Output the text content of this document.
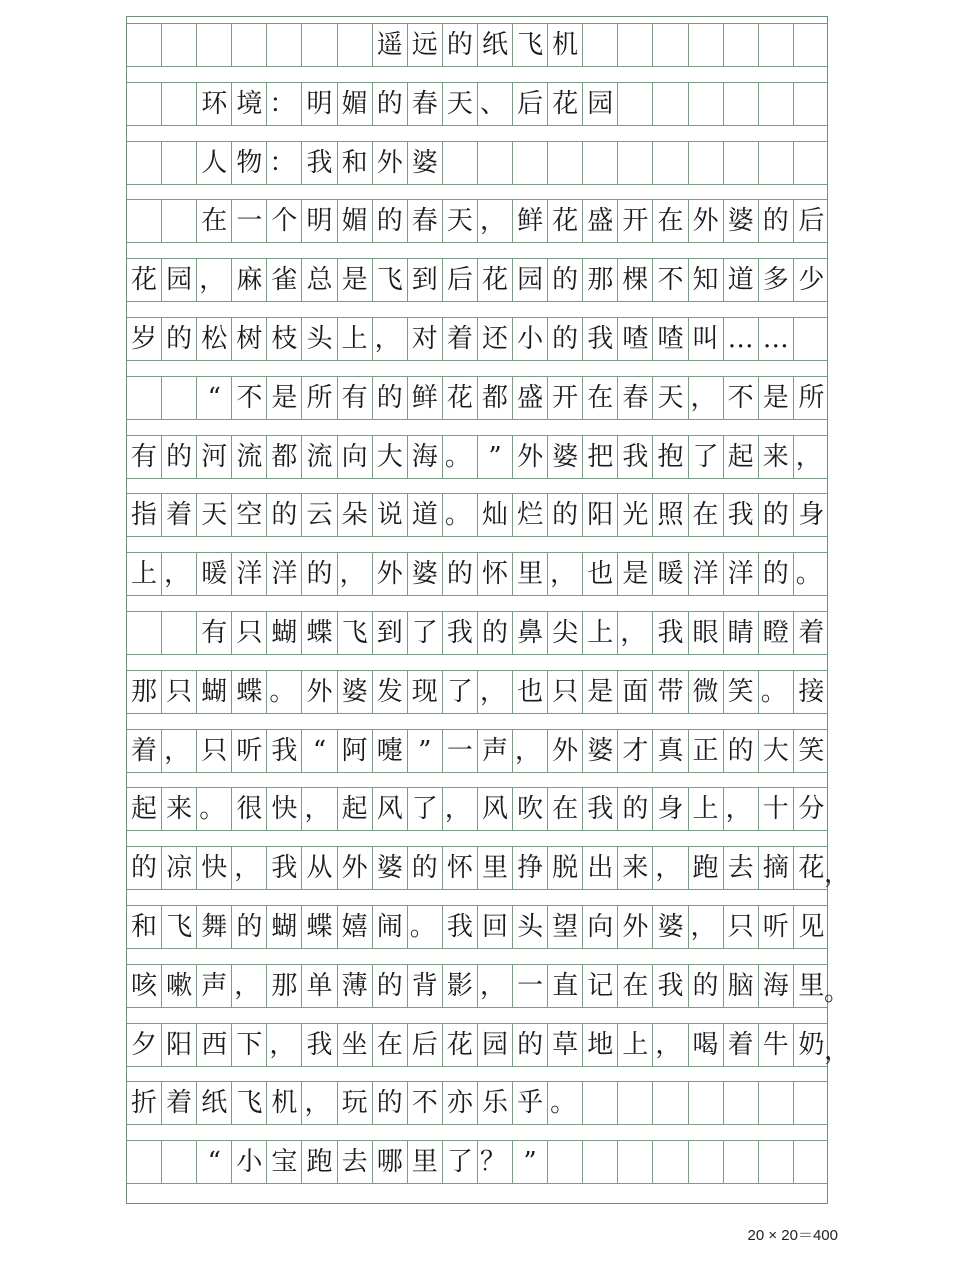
遥 远 的 纸 飞 机
环 境 ： 明 媚 的 春 天 、 后 花 园
人 物 ： 我 和 外 婆
在 一 个 明 媚 的 春 天 ， 鲜 花 盛 开 在 外 婆 的 后
花 园 ， 麻 雀 总 是 飞 到 后 花 园 的 那 棵 不 知 道 多 少
岁 的 松 树 枝 头 上 ， 对 着 还 小 的 我 喳 喳 叫 … …
“ 不 是 所 有 的 鲜 花 都 盛 开 在 春 天 ， 不 是 所
有 的 河 流 都 流 向 大 海 。 ” 外 婆 把 我 抱 了 起 来 ，
指 着 天 空 的 云 朵 说 道 。 灿 烂 的 阳 光 照 在 我 的 身
上 ， 暖 洋 洋 的 ， 外 婆 的 怀 里 ， 也 是 暖 洋 洋 的 。
有 只 蝴 蝶 飞 到 了 我 的 鼻 尖 上 ， 我 眼 睛 瞪 着
那 只 蝴 蝶 。 外 婆 发 现 了 ， 也 只 是 面 带 微 笑 。 接
着 ， 只 听 我 “ 阿 嚏 ” 一 声 ， 外 婆 才 真 正 的 大 笑
起 来 。 很 快 ， 起 风 了 ， 风 吹 在 我 的 身 上 ， 十 分
的 凉 快 ， 我 从 外 婆 的 怀 里 挣 脱 出 来 ， 跑 去 摘 花
和 飞 舞 的 蝴 蝶 嬉 闹 。 我 回 头 望 向 外 婆 ， 只 听 见
咳 嗽 声 ， 那 单 薄 的 背 影 ， 一 直 记 在 我 的 脑 海 里
夕 阳 西 下 ， 我 坐 在 后 花 园 的 草 地 上 ， 喝 着 牛 奶
折 着 纸 飞 机 ， 玩 的 不 亦 乐 乎 。
“ 小 宝 跑 去 哪 里 了 ？ ”
20 × 20＝400
，
。
，
